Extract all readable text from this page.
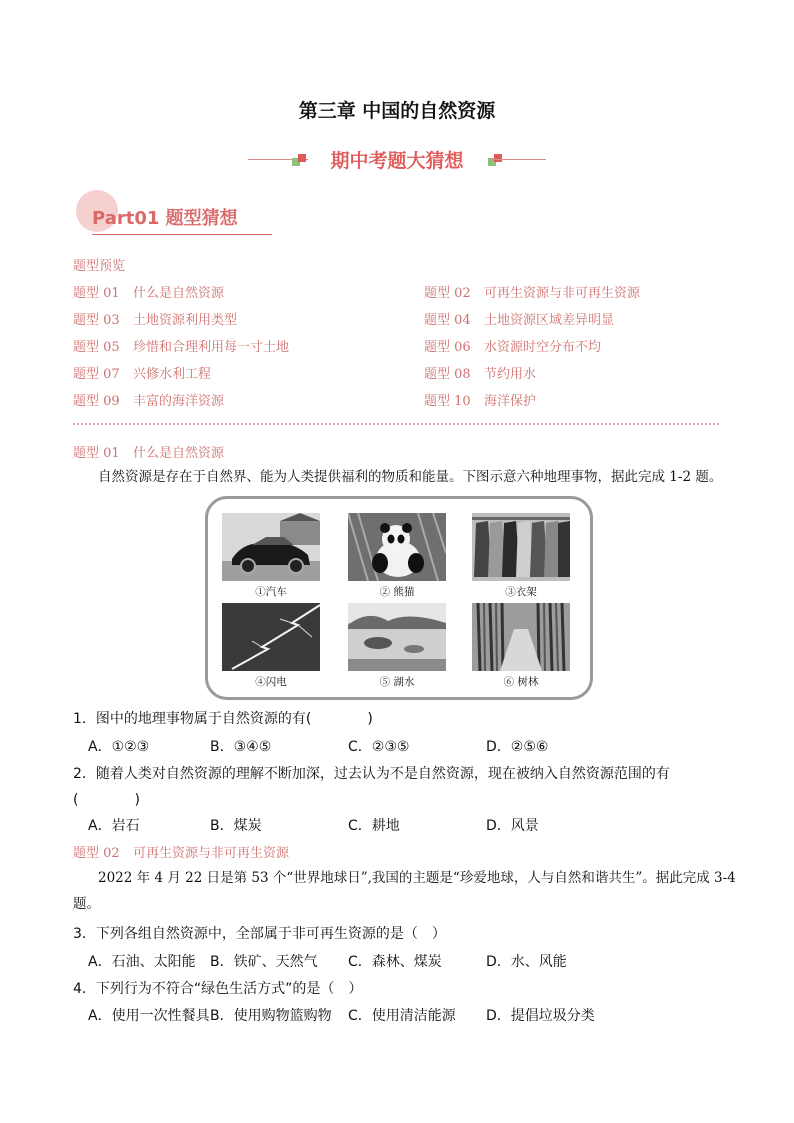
第三章 中国的自然资源
期中考题大猜想
Part01 题型猜想
题型预览
题型 01 什么是自然资源	题型 02 可再生资源与非可再生资源
题型 03 土地资源利用类型	题型 04 土地资源区域差异明显
题型 05 珍惜和合理利用每一寸土地	题型 06 水资源时空分布不均
题型 07 兴修水利工程	题型 08 节约用水
题型 09 丰富的海洋资源	题型 10 海洋保护
题型 01 什么是自然资源
自然资源是存在于自然界、能为人类提供福利的物质和能量。下图示意六种地理事物，据此完成 1-2 题。
①汽车	② 熊猫	③衣架
④闪电	⑤ 湖水	⑥ 树林
1．图中的地理事物属于自然资源的有(　　　　)
A．①②③	B．③④⑤	C．②③⑤	D．②⑤⑥
2．随着人类对自然资源的理解不断加深，过去认为不是自然资源，现在被纳入自然资源范围的有
(　　　　)
A．岩石	B．煤炭	C．耕地	D．风景
题型 02 可再生资源与非可再生资源
2022 年 4 月 22 日是第 53 个“世界地球日”,我国的主题是“珍爱地球，人与自然和谐共生”。据此完成 3-4
题。
3．下列各组自然资源中，全部属于非可再生资源的是（　）
A．石油、太阳能 B．铁矿、天然气 C．森林、煤炭	D．水、风能
4．下列行为不符合“绿色生活方式”的是（　）
A．使用一次性餐具 B．使用购物篮购物 C．使用清洁能源 D．提倡垃圾分类
